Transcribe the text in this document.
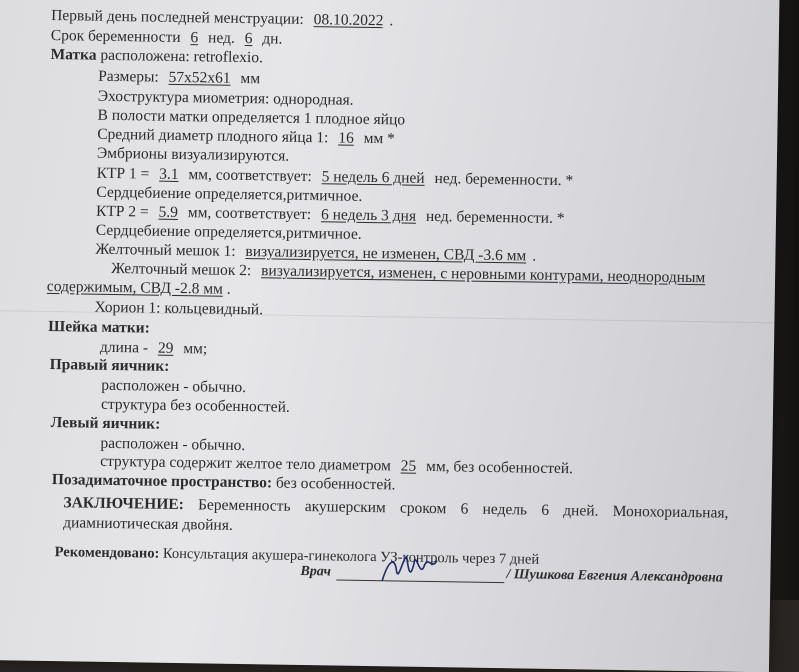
Первый день последней менструации: 08.10.2022 .
Срок беременности 6 нед. 6 дн.
Матка расположена: retroflexio.
Размеры: 57х52х61 мм
Эхоструктура миометрия: однородная.
В полости матки определяется 1 плодное яйцо
Средний диаметр плодного яйца 1: 16 мм *
Эмбрионы визуализируются.
КТР 1 = 3.1 мм, соответствует: 5 недель 6 дней нед. беременности. *
Сердцебиение определяется,ритмичное.
КТР 2 = 5.9 мм, соответствует: 6 недель 3 дня нед. беременности. *
Сердцебиение определяется,ритмичное.
Желточный мешок 1: визуализируется, не изменен, СВД -3.6 мм .
Желточный мешок 2: визуализируется, изменен, с неровными контурами, неоднородным
содержимым, СВД -2.8 мм .
Хорион 1: кольцевидный.
Шейка матки:
длина - 29 мм;
Правый яичник:
расположен - обычно.
структура без особенностей.
Левый яичник:
расположен - обычно.
структура содержит желтое тело диаметром 25 мм, без особенностей.
Позадиматочное пространство: без особенностей.
ЗАКЛЮЧЕНИЕ: Беременность акушерским сроком 6 недель 6 дней. Монохориальная, диамниотическая двойня.
Рекомендовано: Консультация акушера-гинеколога УЗ-контроль через 7 дней
Врач	/ Шушкова Евгения Александровна
